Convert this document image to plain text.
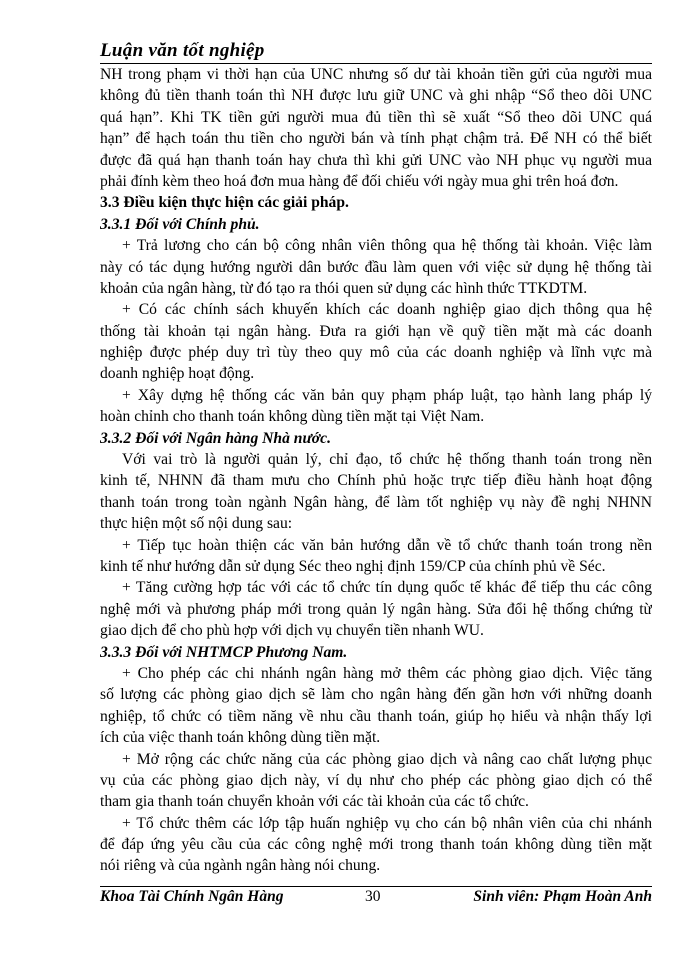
Luận văn tốt nghiệp
NH trong phạm vi thời hạn của UNC nhưng số dư tài khoản tiền gửi của người mua
không đủ tiền thanh toán thì NH được lưu giữ UNC và ghi nhập “Sổ theo dõi UNC
quá hạn”. Khi TK tiền gửi người mua đủ tiền thì sẽ xuất “Sổ theo dõi UNC quá
hạn” để hạch toán thu tiền cho người bán và tính phạt chậm trả. Để NH có thể biết
được đã quá hạn thanh toán hay chưa thì khi gửi UNC vào NH phục vụ người mua
phải đính kèm theo hoá đơn mua hàng để đối chiếu với ngày mua ghi trên hoá đơn.
3.3 Điều kiện thực hiện các giải pháp.
3.3.1 Đối với Chính phủ.
+ Trả lương cho cán bộ công nhân viên thông qua hệ thống tài khoản. Việc làm
này có tác dụng hướng người dân bước đầu làm quen với việc sử dụng hệ thống tài
khoản của ngân hàng, từ đó tạo ra thói quen sử dụng các hình thức TTKDTM.
+ Có các chính sách khuyến khích các doanh nghiệp giao dịch thông qua hệ
thống tài khoản tại ngân hàng. Đưa ra giới hạn về quỹ tiền mặt mà các doanh
nghiệp được phép duy trì tùy theo quy mô của các doanh nghiệp và lĩnh vực mà
doanh nghiệp hoạt động.
+ Xây dựng hệ thống các văn bản quy phạm pháp luật, tạo hành lang pháp lý
hoàn chỉnh cho thanh toán không dùng tiền mặt tại Việt Nam.
3.3.2 Đối với Ngân hàng Nhà nước.
Với vai trò là người quản lý, chỉ đạo, tổ chức hệ thống thanh toán trong nền
kinh tế, NHNN đã tham mưu cho Chính phủ hoặc trực tiếp điều hành hoạt động
thanh toán trong toàn ngành Ngân hàng, để làm tốt nghiệp vụ này đề nghị NHNN
thực hiện một số nội dung sau:
+ Tiếp tục hoàn thiện các văn bản hướng dẫn về tổ chức thanh toán trong nền
kinh tế như hướng dẫn sử dụng Séc theo nghị định 159/CP của chính phủ về Séc.
+ Tăng cường hợp tác với các tổ chức tín dụng quốc tế khác để tiếp thu các công
nghệ mới và phương pháp mới trong quản lý ngân hàng. Sửa đổi hệ thống chứng từ
giao dịch để cho phù hợp với dịch vụ chuyển tiền nhanh WU.
3.3.3 Đối với NHTMCP Phương Nam.
+ Cho phép các chi nhánh ngân hàng mở thêm các phòng giao dịch. Việc tăng
số lượng các phòng giao dịch sẽ làm cho ngân hàng đến gần hơn với những doanh
nghiệp, tổ chức có tiềm năng về nhu cầu thanh toán, giúp họ hiểu và nhận thấy lợi
ích của việc thanh toán không dùng tiền mặt.
+ Mở rộng các chức năng của các phòng giao dịch và nâng cao chất lượng phục
vụ của các phòng giao dịch này, ví dụ như cho phép các phòng giao dịch có thể
tham gia thanh toán chuyển khoản với các tài khoản của các tổ chức.
+ Tổ chức thêm các lớp tập huấn nghiệp vụ cho cán bộ nhân viên của chi nhánh
để đáp ứng yêu cầu của các công nghệ mới trong thanh toán không dùng tiền mặt
nói riêng và của ngành ngân hàng nói chung.
Khoa Tài Chính Ngân Hàng	30	Sinh viên: Phạm Hoàn Anh
